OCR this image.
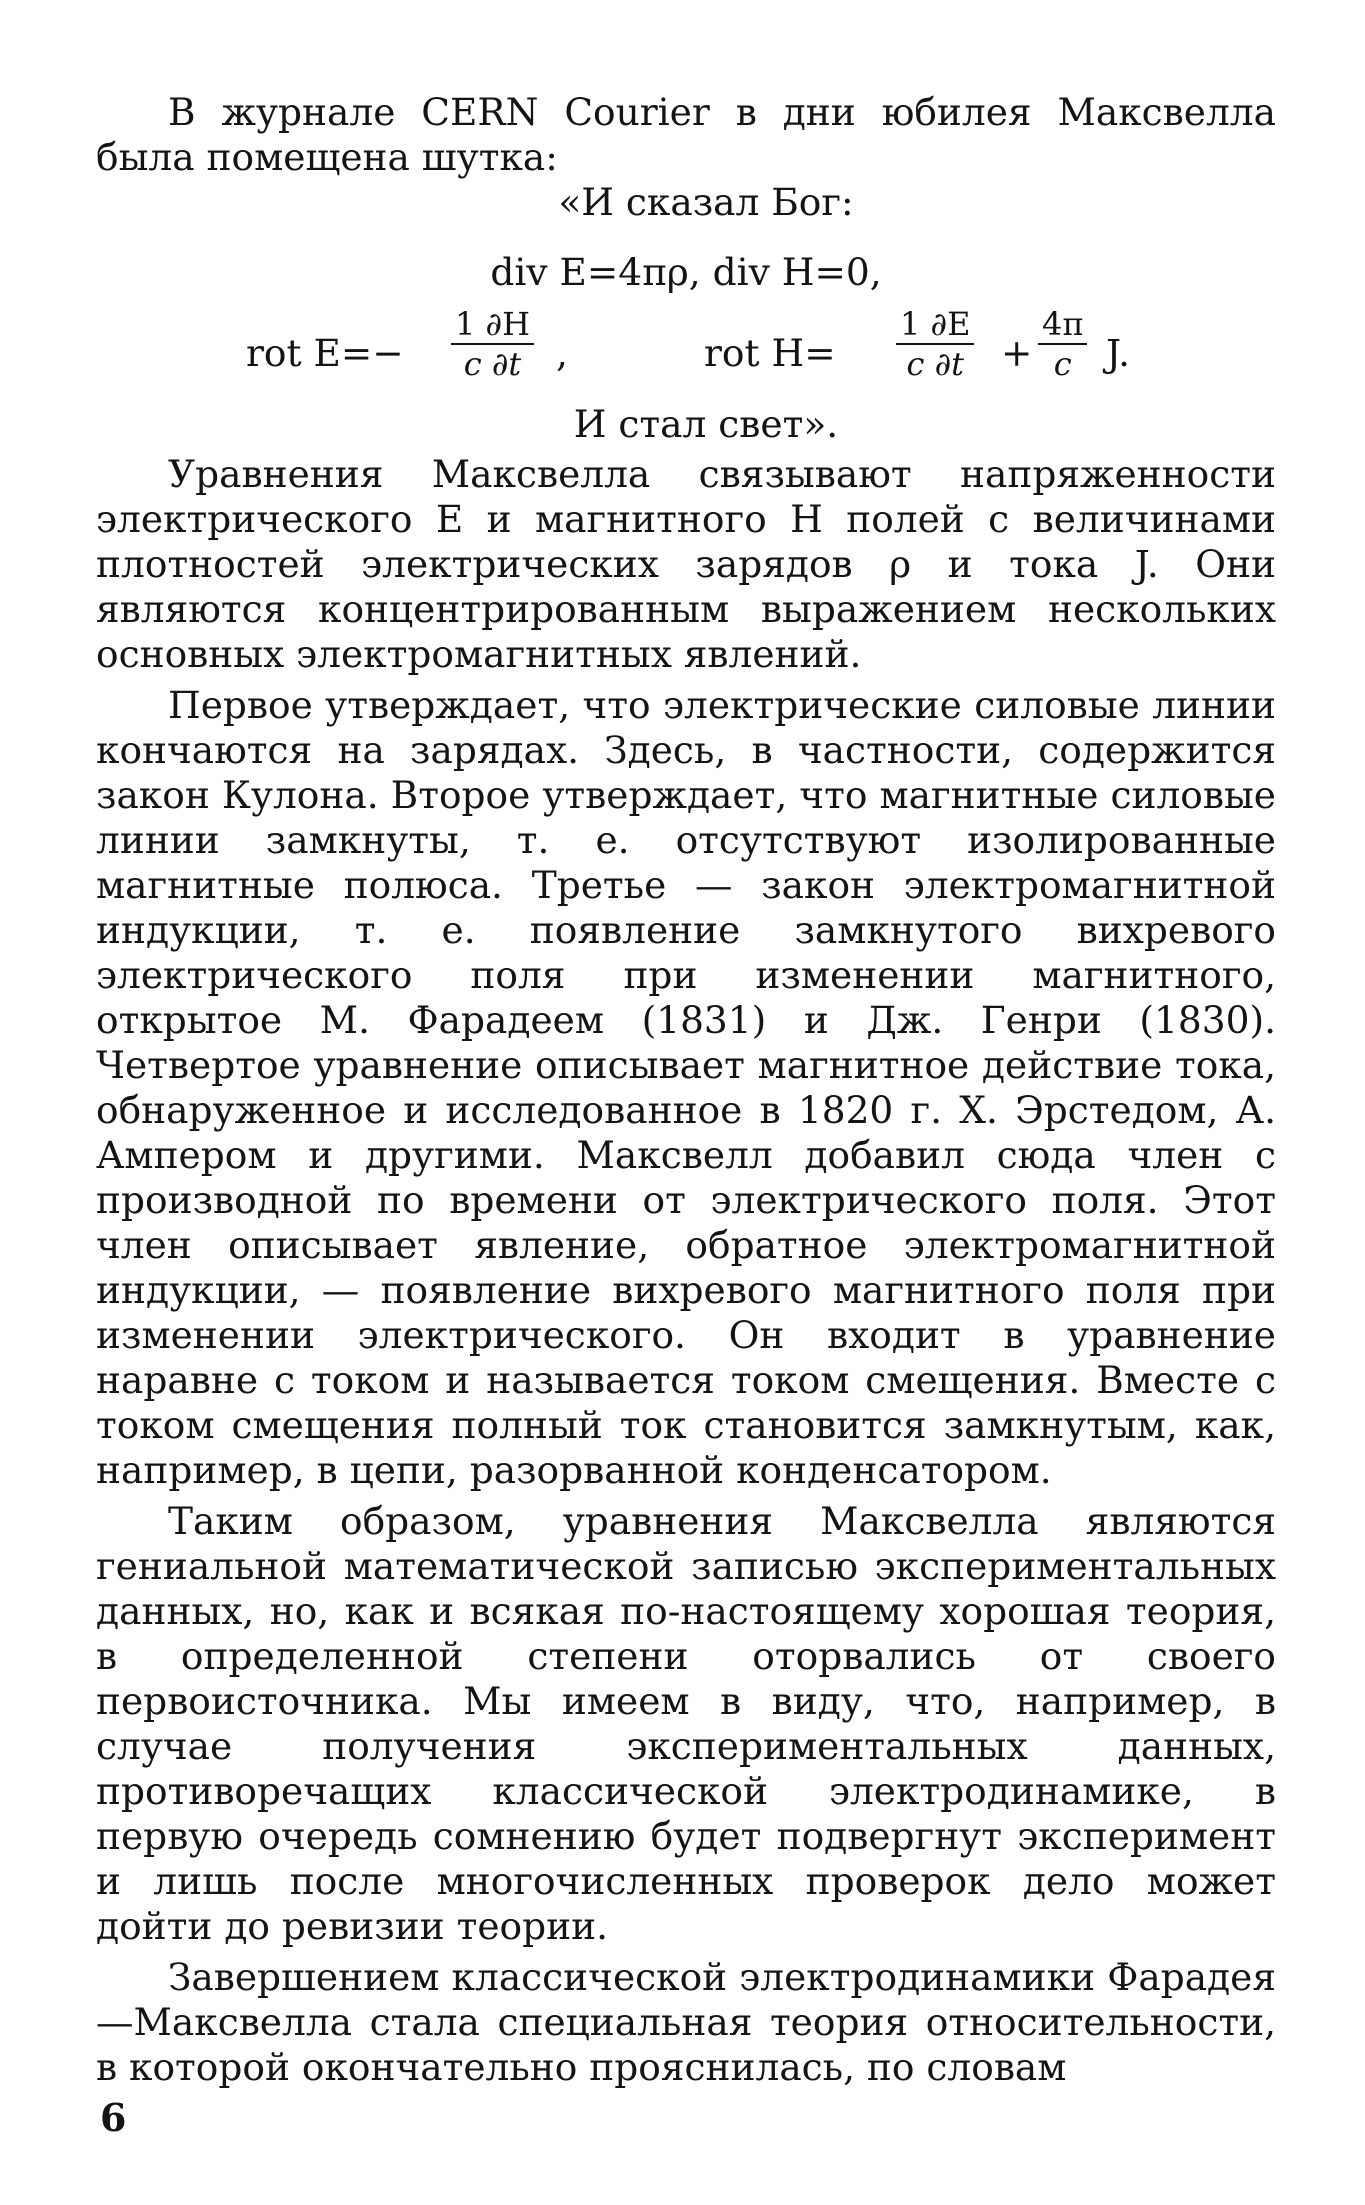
В журнале CERN Courier в дни юбилея Максвелла была помещена шутка:

«И сказал Бог:
div E=4πρ, div H=0,
rot $E=- \frac{1 \partial H}{c \partial t}$ ,	rot $H= \frac{1 \partial E}{c \partial t} + \frac{4\pi}{c} J$.
И стал свет».

Уравнения Максвелла связывают напряженности электрического E и магнитного H полей с величинами плотностей электрических зарядов ρ и тока J. Они являются концентрированным выражением нескольких основных электромагнитных явлений.

Первое утверждает, что электрические силовые линии кончаются на зарядах. Здесь, в частности, содержится закон Кулона. Второе утверждает, что магнитные силовые линии замкнуты, т. е. отсутствуют изолированные магнитные полюса. Третье — закон электромагнитной индукции, т. е. появление замкнутого вихревого электрического поля при изменении магнитного, открытое М. Фарадеем (1831) и Дж. Генри (1830). Четвертое уравнение описывает магнитное действие тока, обнаруженное и исследованное в 1820 г. Х. Эрстедом, А. Ампером и другими. Максвелл добавил сюда член с производной по времени от электрического поля. Этот член описывает явление, обратное электромагнитной индукции, — появление вихревого магнитного поля при изменении электрического. Он входит в уравнение наравне с током и называется током смещения. Вместе с током смещения полный ток становится замкнутым, как, например, в цепи, разорванной конденсатором.

Таким образом, уравнения Максвелла являются гениальной математической записью экспериментальных данных, но, как и всякая по-настоящему хорошая теория, в определенной степени оторвались от своего первоисточника. Мы имеем в виду, что, например, в случае получения экспериментальных данных, противоречащих классической электродинамике, в первую очередь сомнению будет подвергнут эксперимент и лишь после многочисленных проверок дело может дойти до ревизии теории.

Завершением классической электродинамики Фарадея—Максвелла стала специальная теория относительности, в которой окончательно прояснилась, по словам

6
